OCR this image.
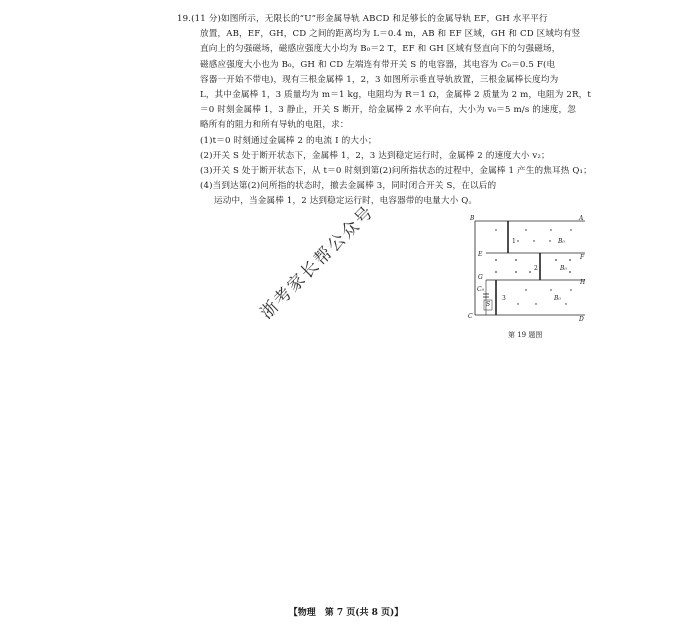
19.(11 分)如图所示，无限长的“U”形金属导轨 ABCD 和足够长的金属导轨 EF，GH 水平平行

放置，AB，EF，GH，CD 之间的距离均为 L＝0.4 m，AB 和 EF 区域，GH 和 CD 区域均有竖

直向上的匀强磁场，磁感应强度大小均为 B₀＝2 T，EF 和 GH 区域有竖直向下的匀强磁场，

磁感应强度大小也为 B₀，GH 和 CD 左端连有带开关 S 的电容器，其电容为 C₀＝0.5 F(电

容器一开始不带电)，现有三根金属棒 1，2，3 如图所示垂直导轨放置，三根金属棒长度均为

L，其中金属棒 1，3 质量均为 m＝1 kg，电阻均为 R＝1 Ω，金属棒 2 质量为 2 m，电阻为 2R，t

＝0 时刻金属棒 1，3 静止，开关 S 断开，给金属棒 2 水平向右，大小为 v₀＝5 m/s 的速度，忽

略所有的阻力和所有导轨的电阻，求：

(1)t＝0 时刻通过金属棒 2 的电流 I 的大小；

(2)开关 S 处于断开状态下，金属棒 1，2，3 达到稳定运行时，金属棒 2 的速度大小 v₂；

(3)开关 S 处于断开状态下，从 t＝0 时刻到第(2)问所指状态的过程中，金属棒 1 产生的焦耳热 Q₁；

(4)当到达第(2)问所指的状态时，撤去金属棒 3，同时闭合开关 S，在以后的运动中，当金属棒 1，2 达到稳定运行时，电容器带的电量大小 Q。

B	A
E	F
G
H
C	D
C₀
S
1
2
3
B₀
B₀
B₀
第 19 题图
浙考家长帮公众号
【物理　第 7 页(共 8 页)】
